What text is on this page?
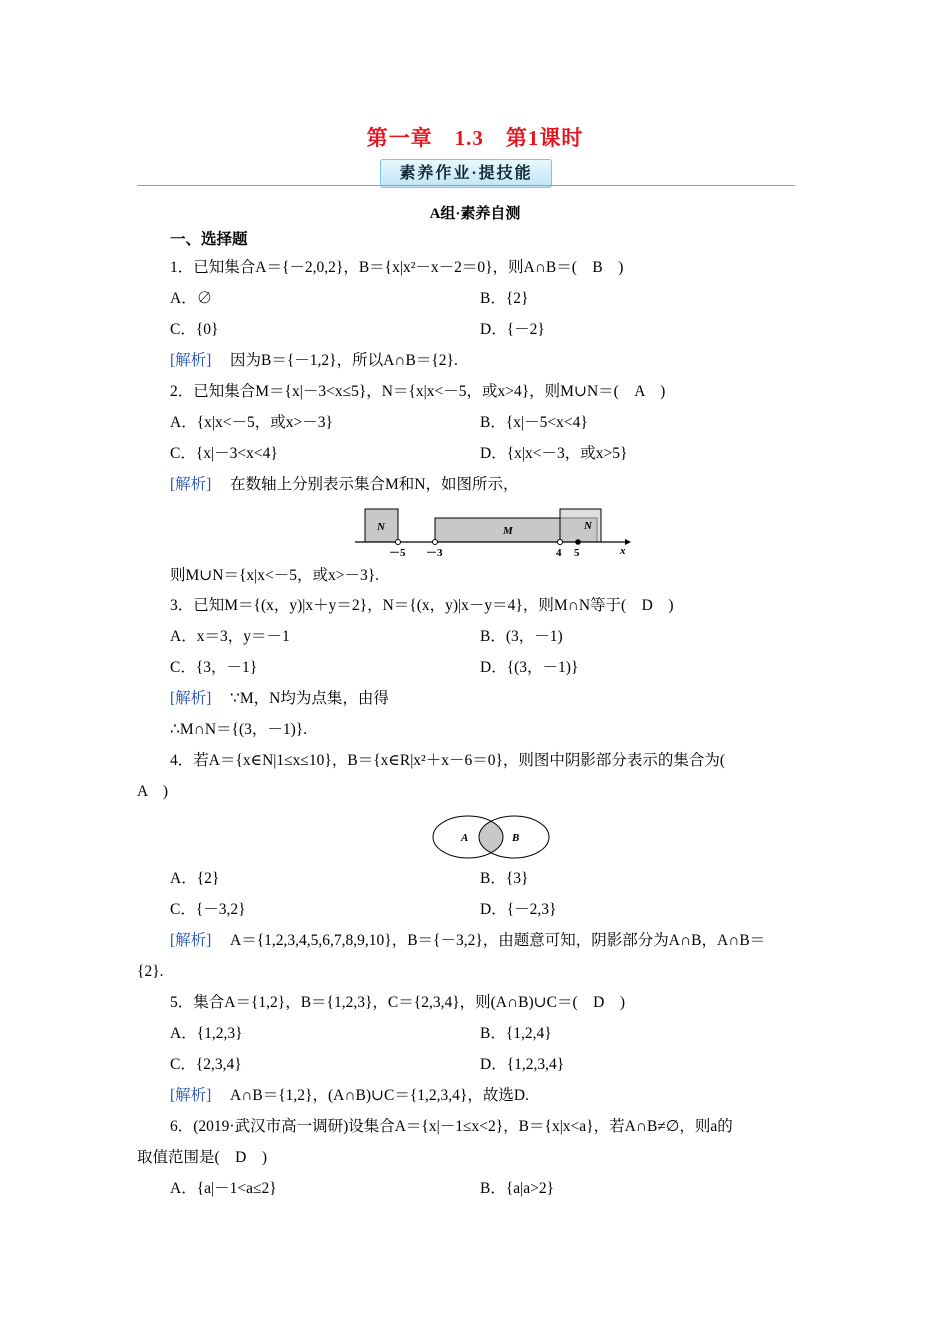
第一章　1.3　第1课时
素养作业·提技能
A组·素养自测
一、选择题
1．已知集合A＝{－2,0,2}，B＝{x|x²－x－2＝0}，则A∩B＝(　B　)
A．∅	B．{2}
C．{0}	D．{－2}
[解析] 因为B＝{－1,2}，所以A∩B＝{2}.
2．已知集合M＝{x|－3<x≤5}，N＝{x|x<－5，或x>4}，则M∪N＝(　A　)
A．{x|x<－5，或x>－3}	B．{x|－5<x<4}
C．{x|－3<x<4}	D．{x|x<－3，或x>5}
[解析] 在数轴上分别表示集合M和N，如图所示，
N	M	N
－5 －3	4 5	x
则M∪N＝{x|x<－5，或x>－3}.
3．已知M＝{(x，y)|x＋y＝2}，N＝{(x，y)|x－y＝4}，则M∩N等于(　D　)
A．x＝3，y＝－1	B．(3，－1)
C．{3，－1}	D．{(3，－1)}
[解析] ∵M，N均为点集，由得
∴M∩N＝{(3，－1)}.
4．若A＝{x∈N|1≤x≤10}，B＝{x∈R|x²＋x－6＝0}，则图中阴影部分表示的集合为(
A　)
A	B
A．{2}	B．{3}
C．{－3,2}	D．{－2,3}
[解析] A＝{1,2,3,4,5,6,7,8,9,10}，B＝{－3,2}，由题意可知，阴影部分为A∩B，A∩B＝
{2}.
5．集合A＝{1,2}，B＝{1,2,3}，C＝{2,3,4}，则(A∩B)∪C＝(　D　)
A．{1,2,3}	B．{1,2,4}
C．{2,3,4}	D．{1,2,3,4}
[解析] A∩B＝{1,2}，(A∩B)∪C＝{1,2,3,4}，故选D.
6．(2019·武汉市高一调研)设集合A＝{x|－1≤x<2}，B＝{x|x<a}，若A∩B≠∅，则a的
取值范围是(　D　)
A．{a|－1<a≤2}	B．{a|a>2}
